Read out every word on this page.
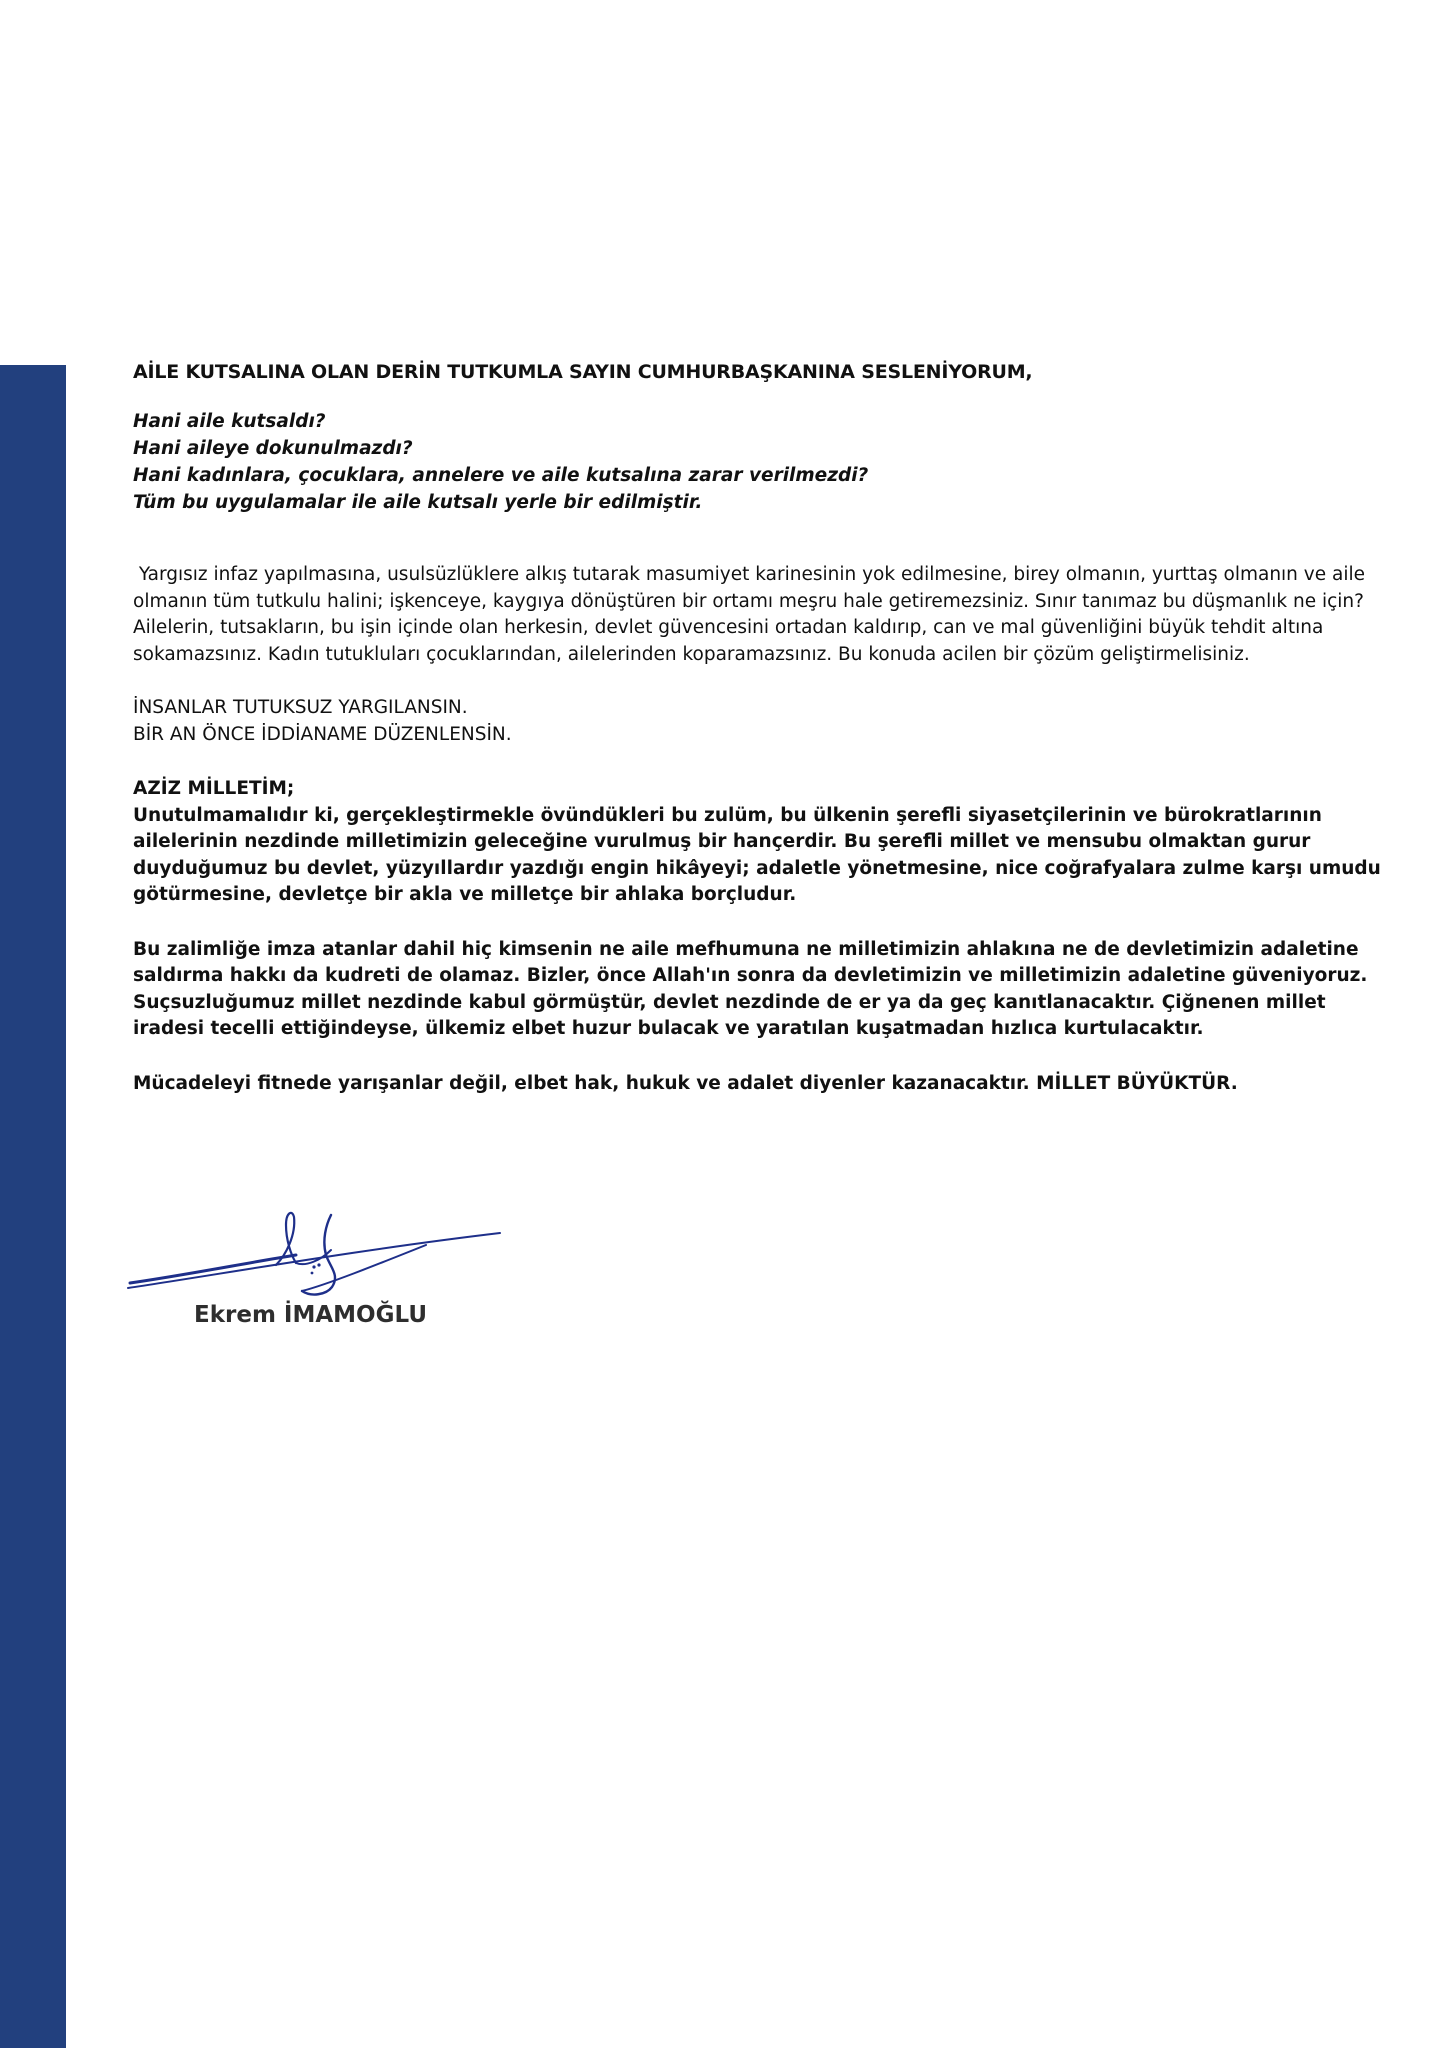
AİLE KUTSALINA OLAN DERİN TUTKUMLA SAYIN CUMHURBAŞKANINA SESLENİYORUM,

Hani aile kutsaldı?
Hani aileye dokunulmazdı?
Hani kadınlara, çocuklara, annelere ve aile kutsalına zarar verilmezdi?
Tüm bu uygulamalar ile aile kutsalı yerle bir edilmiştir.

Yargısız infaz yapılmasına, usulsüzlüklere alkış tutarak masumiyet karinesinin yok edilmesine, birey olmanın, yurttaş olmanın ve aile olmanın tüm tutkulu halini; işkenceye, kaygıya dönüştüren bir ortamı meşru hale getiremezsiniz. Sınır tanımaz bu düşmanlık ne için? Ailelerin, tutsakların, bu işin içinde olan herkesin, devlet güvencesini ortadan kaldırıp, can ve mal güvenliğini büyük tehdit altına sokamazsınız. Kadın tutukluları çocuklarından, ailelerinden koparamazsınız. Bu konuda acilen bir çözüm geliştirmelisiniz.

İNSANLAR TUTUKSUZ YARGILANSIN.
BİR AN ÖNCE İDDİANAME DÜZENLENSİN.
AZİZ MİLLETİM;

Unutulmamalıdır ki, gerçekleştirmekle övündükleri bu zulüm, bu ülkenin şerefli siyasetçilerinin ve bürokratlarının ailelerinin nezdinde milletimizin geleceğine vurulmuş bir hançerdir. Bu şerefli millet ve mensubu olmaktan gurur duyduğumuz bu devlet, yüzyıllardır yazdığı engin hikâyeyi; adaletle yönetmesine, nice coğrafyalara zulme karşı umudu götürmesine, devletçe bir akla ve milletçe bir ahlaka borçludur.

Bu zalimliğe imza atanlar dahil hiç kimsenin ne aile mefhumuna ne milletimizin ahlakına ne de devletimizin adaletine saldırma hakkı da kudreti de olamaz. Bizler, önce Allah'ın sonra da devletimizin ve milletimizin adaletine güveniyoruz. Suçsuzluğumuz millet nezdinde kabul görmüştür, devlet nezdinde de er ya da geç kanıtlanacaktır. Çiğnenen millet iradesi tecelli ettiğindeyse, ülkemiz elbet huzur bulacak ve yaratılan kuşatmadan hızlıca kurtulacaktır.

Mücadeleyi fitnede yarışanlar değil, elbet hak, hukuk ve adalet diyenler kazanacaktır. MİLLET BÜYÜKTÜR.

Ekrem İMAMOĞLU
